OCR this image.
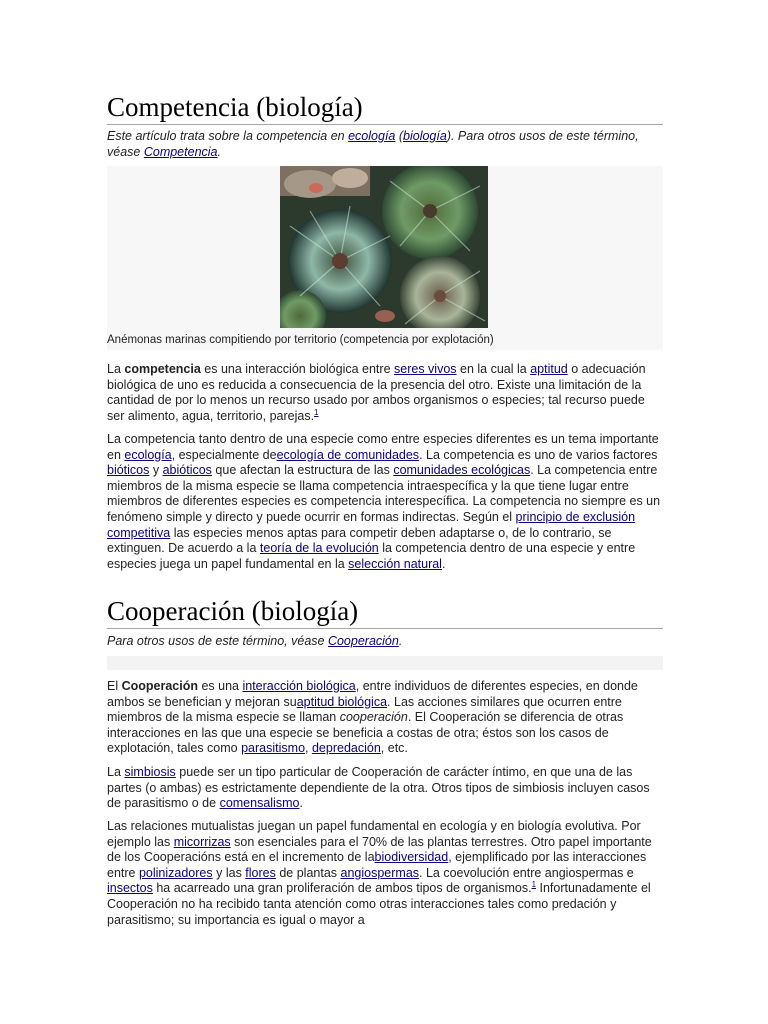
Competencia (biología)

Este artículo trata sobre la competencia en ecología (biología). Para otros usos de este término, véase Competencia.

Anémonas marinas compitiendo por territorio (competencia por explotación)

La competencia es una interacción biológica entre seres vivos en la cual la aptitud o adecuación biológica de uno es reducida a consecuencia de la presencia del otro. Existe una limitación de la cantidad de por lo menos un recurso usado por ambos organismos o especies; tal recurso puede ser alimento, agua, territorio, parejas.$^1$

La competencia tanto dentro de una especie como entre especies diferentes es un tema importante en ecología, especialmente deecología de comunidades. La competencia es uno de varios factores bióticos y abióticos que afectan la estructura de las comunidades ecológicas. La competencia entre miembros de la misma especie se llama competencia intraespecífica y la que tiene lugar entre miembros de diferentes especies es competencia interespecífica. La competencia no siempre es un fenómeno simple y directo y puede ocurrir en formas indirectas. Según el principio de exclusión competitiva las especies menos aptas para competir deben adaptarse o, de lo contrario, se extinguen. De acuerdo a la teoría de la evolución la competencia dentro de una especie y entre especies juega un papel fundamental en la selección natural.

Cooperación (biología)

Para otros usos de este término, véase Cooperación.

El Cooperación es una interacción biológica, entre individuos de diferentes especies, en donde ambos se benefician y mejoran suaptitud biológica. Las acciones similares que ocurren entre miembros de la misma especie se llaman cooperación. El Cooperación se diferencia de otras interacciones en las que una especie se beneficia a costas de otra; éstos son los casos de explotación, tales como parasitismo, depredación, etc.

La simbiosis puede ser un tipo particular de Cooperación de carácter íntimo, en que una de las partes (o ambas) es estrictamente dependiente de la otra. Otros tipos de simbiosis incluyen casos de parasitismo o de comensalismo.

Las relaciones mutualistas juegan un papel fundamental en ecología y en biología evolutiva. Por ejemplo las micorrizas son esenciales para el 70% de las plantas terrestres. Otro papel importante de los Cooperacións está en el incremento de labiodiversidad, ejemplificado por las interacciones entre polinizadores y las flores de plantas angiospermas. La coevolución entre angiospermas e insectos ha acarreado una gran proliferación de ambos tipos de organismos.$^1$ Infortunadamente el Cooperación no ha recibido tanta atención como otras interacciones tales como predación y parasitismo; su importancia es igual o mayor a
